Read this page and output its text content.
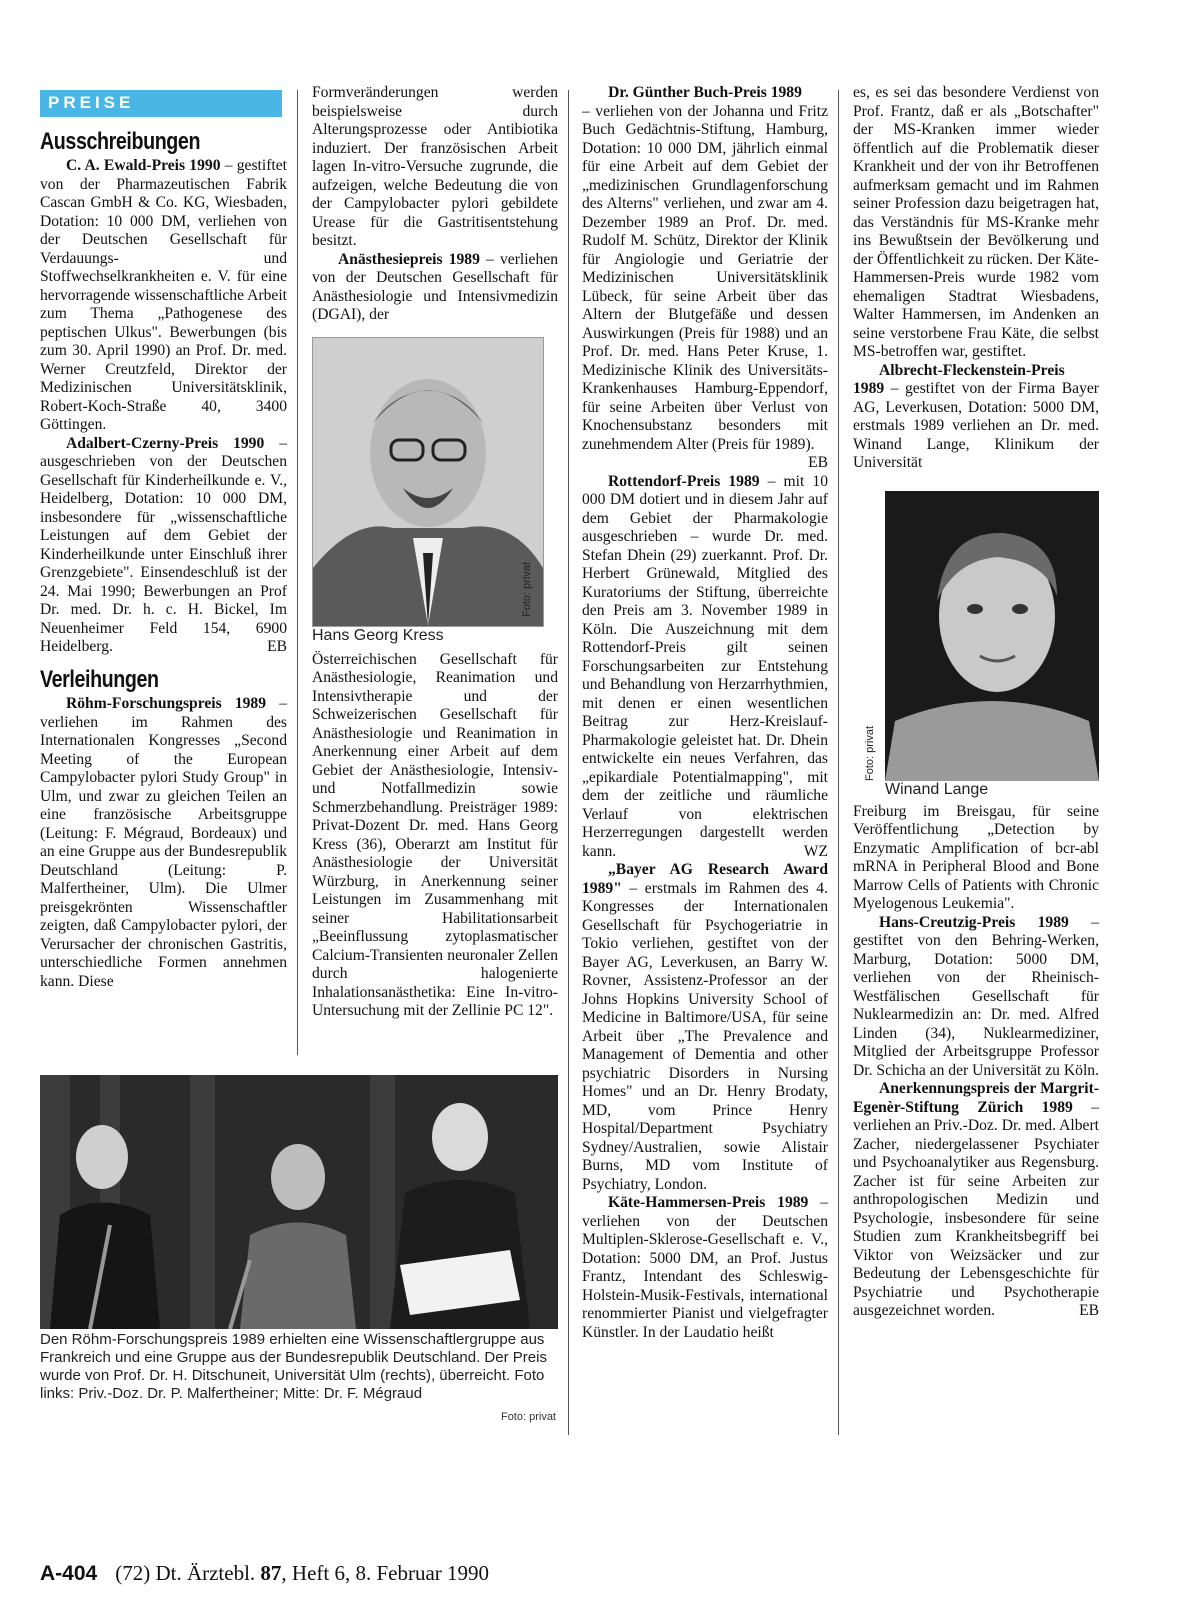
PREISE
Ausschreibungen

C. A. Ewald-Preis 1990 – gestiftet von der Pharmazeutischen Fabrik Cascan GmbH & Co. KG, Wiesbaden, Dotation: 10 000 DM, verliehen von der Deutschen Gesellschaft für Verdauungs- und Stoffwechselkrankheiten e. V. für eine hervorragende wissenschaftliche Arbeit zum Thema „Pathogenese des peptischen Ulkus". Bewerbungen (bis zum 30. April 1990) an Prof. Dr. med. Werner Creutzfeld, Direktor der Medizinischen Universitätsklinik, Robert-Koch-Straße 40, 3400 Göttingen.

Adalbert-Czerny-Preis 1990 – ausgeschrieben von der Deutschen Gesellschaft für Kinderheilkunde e. V., Heidelberg, Dotation: 10 000 DM, insbesondere für „wissenschaftliche Leistungen auf dem Gebiet der Kinderheilkunde unter Einschluß ihrer Grenzgebiete". Einsendeschluß ist der 24. Mai 1990; Bewerbungen an Prof Dr. med. Dr. h. c. H. Bickel, Im Neuenheimer Feld 154, 6900 Heidelberg.	EB

Verleihungen

Röhm-Forschungspreis 1989 – verliehen im Rahmen des Internationalen Kongresses „Second Meeting of the European Campylobacter pylori Study Group" in Ulm, und zwar zu gleichen Teilen an eine französische Arbeitsgruppe (Leitung: F. Mégraud, Bordeaux) und an eine Gruppe aus der Bundesrepublik Deutschland (Leitung: P. Malfertheiner, Ulm). Die Ulmer preisgekrönten Wissenschaftler zeigten, daß Campylobacter pylori, der Verursacher der chronischen Gastritis, unterschiedliche Formen annehmen kann. Diese

Formveränderungen werden beispielsweise durch Alterungsprozesse oder Antibiotika induziert. Der französischen Arbeit lagen In-vitro-Versuche zugrunde, die aufzeigen, welche Bedeutung die von der Campylobacter pylori gebildete Urease für die Gastritisentstehung besitzt.

Anästhesiepreis 1989 – verliehen von der Deutschen Gesellschaft für Anästhesiologie und Intensivmedizin (DGAI), der

Foto: privat
Hans Georg Kress

Österreichischen Gesellschaft für Anästhesiologie, Reanimation und Intensivtherapie und der Schweizerischen Gesellschaft für Anästhesiologie und Reanimation in Anerkennung einer Arbeit auf dem Gebiet der Anästhesiologie, Intensiv- und Notfallmedizin sowie Schmerzbehandlung. Preisträger 1989: Privat-Dozent Dr. med. Hans Georg Kress (36), Oberarzt am Institut für Anästhesiologie der Universität Würzburg, in Anerkennung seiner Leistungen im Zusammenhang mit seiner Habilitationsarbeit „Beeinflussung zytoplasmatischer Calcium-Transienten neuronaler Zellen durch halogenierte Inhalationsanästhetika: Eine In-vitro-Untersuchung mit der Zellinie PC 12".

Den Röhm-Forschungspreis 1989 erhielten eine Wissenschaftlergruppe aus Frankreich und eine Gruppe aus der Bundesrepublik Deutschland. Der Preis wurde von Prof. Dr. H. Ditschuneit, Universität Ulm (rechts), überreicht. Foto links: Priv.-Doz. Dr. P. Malfertheiner; Mitte: Dr. F. Mégraud
Foto: privat

Dr. Günther Buch-Preis 1989

– verliehen von der Johanna und Fritz Buch Gedächtnis-Stiftung, Hamburg, Dotation: 10 000 DM, jährlich einmal für eine Arbeit auf dem Gebiet der „medizinischen Grundlagenforschung des Alterns" verliehen, und zwar am 4. Dezember 1989 an Prof. Dr. med. Rudolf M. Schütz, Direktor der Klinik für Angiologie und Geriatrie der Medizinischen Universitätsklinik Lübeck, für seine Arbeit über das Altern der Blutgefäße und dessen Auswirkungen (Preis für 1988) und an Prof. Dr. med. Hans Peter Kruse, 1. Medizinische Klinik des Universitäts-Krankenhauses Hamburg-Eppendorf, für seine Arbeiten über Verlust von Knochensubstanz besonders mit zunehmendem Alter (Preis für 1989).
EB

Rottendorf-Preis 1989 – mit 10 000 DM dotiert und in diesem Jahr auf dem Gebiet der Pharmakologie ausgeschrieben – wurde Dr. med. Stefan Dhein (29) zuerkannt. Prof. Dr. Herbert Grünewald, Mitglied des Kuratoriums der Stiftung, überreichte den Preis am 3. November 1989 in Köln. Die Auszeichnung mit dem Rottendorf-Preis gilt seinen Forschungsarbeiten zur Entstehung und Behandlung von Herzarrhythmien, mit denen er einen wesentlichen Beitrag zur Herz-Kreislauf-Pharmakologie geleistet hat. Dr. Dhein entwickelte ein neues Verfahren, das „epikardiale Potentialmapping", mit dem der zeitliche und räumliche Verlauf von elektrischen Herzerregungen dargestellt werden kann.	WZ

„Bayer AG Research Award 1989" – erstmals im Rahmen des 4. Kongresses der Internationalen Gesellschaft für Psychogeriatrie in Tokio verliehen, gestiftet von der Bayer AG, Leverkusen, an Barry W. Rovner, Assistenz-Professor an der Johns Hopkins University School of Medicine in Baltimore/USA, für seine Arbeit über „The Prevalence and Management of Dementia and other psychiatric Disorders in Nursing Homes" und an Dr. Henry Brodaty, MD, vom Prince Henry Hospital/Department Psychiatry Sydney/Australien, sowie Alistair Burns, MD vom Institute of Psychiatry, London.

Käte-Hammersen-Preis 1989 – verliehen von der Deutschen Multiplen-Sklerose-Gesellschaft e. V., Dotation: 5000 DM, an Prof. Justus Frantz, Intendant des Schleswig-Holstein-Musik-Festivals, international renommierter Pianist und vielgefragter Künstler. In der Laudatio heißt

es, es sei das besondere Verdienst von Prof. Frantz, daß er als „Botschafter" der MS-Kranken immer wieder öffentlich auf die Problematik dieser Krankheit und der von ihr Betroffenen aufmerksam gemacht und im Rahmen seiner Profession dazu beigetragen hat, das Verständnis für MS-Kranke mehr ins Bewußtsein der Bevölkerung und der Öffentlichkeit zu rücken. Der Käte-Hammersen-Preis wurde 1982 vom ehemaligen Stadtrat Wiesbadens, Walter Hammersen, im Andenken an seine verstorbene Frau Käte, die selbst MS-betroffen war, gestiftet.

Albrecht-Fleckenstein-Preis 1989 – gestiftet von der Firma Bayer AG, Leverkusen, Dotation: 5000 DM, erstmals 1989 verliehen an Dr. med. Winand Lange, Klinikum der Universität

Foto: privat
Winand Lange

Freiburg im Breisgau, für seine Veröffentlichung „Detection by Enzymatic Amplification of bcr-abl mRNA in Peripheral Blood and Bone Marrow Cells of Patients with Chronic Myelogenous Leukemia".

Hans-Creutzig-Preis 1989 – gestiftet von den Behring-Werken, Marburg, Dotation: 5000 DM, verliehen von der Rheinisch-Westfälischen Gesellschaft für Nuklearmedizin an: Dr. med. Alfred Linden (34), Nuklearmediziner, Mitglied der Arbeitsgruppe Professor Dr. Schicha an der Universität zu Köln.

Anerkennungspreis der Margrit-Egenèr-Stiftung Zürich 1989 – verliehen an Priv.-Doz. Dr. med. Albert Zacher, niedergelassener Psychiater und Psychoanalytiker aus Regensburg. Zacher ist für seine Arbeiten zur anthropologischen Medizin und Psychologie, insbesondere für seine Studien zum Krankheitsbegriff bei Viktor von Weizsäcker und zur Bedeutung der Lebensgeschichte für Psychiatrie und Psychotherapie ausgezeichnet worden.	EB

A-404 (72) Dt. Ärztebl. 87, Heft 6, 8. Februar 1990
